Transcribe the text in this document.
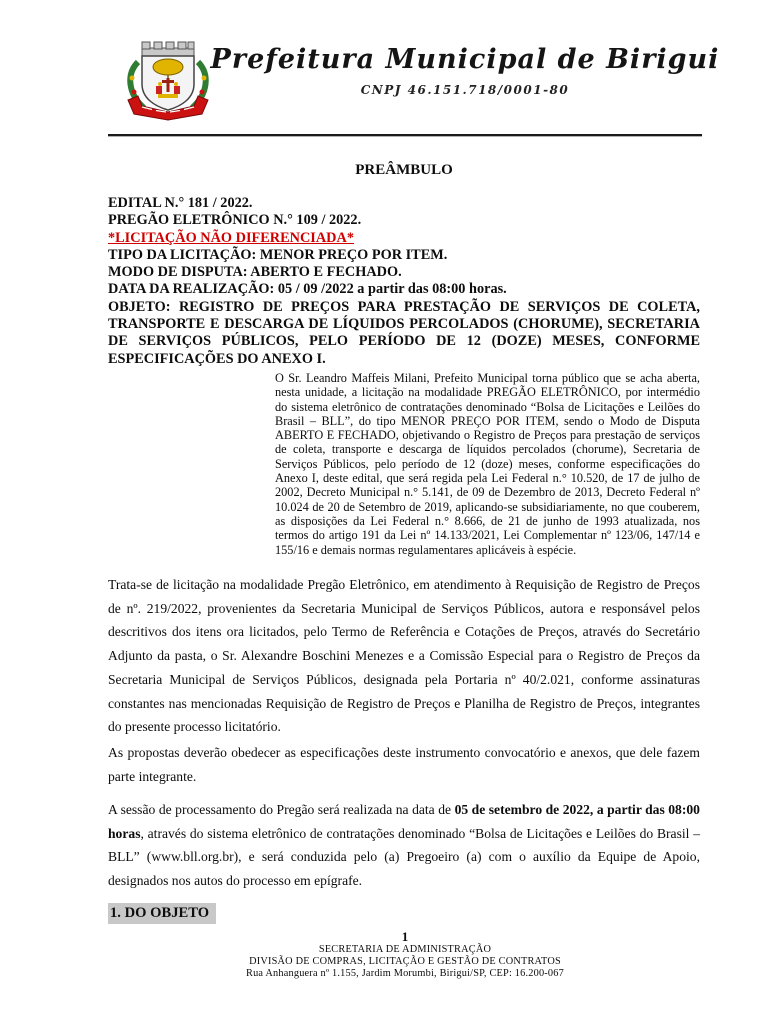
Prefeitura Municipal de Birigui
CNPJ 46.151.718/0001-80
PREÂMBULO

EDITAL N.° 181 / 2022.

PREGÃO ELETRÔNICO N.° 109 / 2022.

*LICITAÇÃO NÃO DIFERENCIADA*

TIPO DA LICITAÇÃO: MENOR PREÇO POR ITEM.

MODO DE DISPUTA: ABERTO E FECHADO.

DATA DA REALIZAÇÃO: 05 / 09 /2022 a partir das 08:00 horas.

OBJETO: REGISTRO DE PREÇOS PARA PRESTAÇÃO DE SERVIÇOS DE COLETA, TRANSPORTE E DESCARGA DE LÍQUIDOS PERCOLADOS (CHORUME), SECRETARIA DE SERVIÇOS PÚBLICOS, PELO PERÍODO DE 12 (DOZE) MESES, CONFORME ESPECIFICAÇÕES DO ANEXO I.

O Sr. Leandro Maffeis Milani, Prefeito Municipal torna público que se acha aberta, nesta unidade, a licitação na modalidade PREGÃO ELETRÔNICO, por intermédio do sistema eletrônico de contratações denominado “Bolsa de Licitações e Leilões do Brasil – BLL”, do tipo MENOR PREÇO POR ITEM, sendo o Modo de Disputa ABERTO E FECHADO, objetivando o Registro de Preços para prestação de serviços de coleta, transporte e descarga de líquidos percolados (chorume), Secretaria de Serviços Públicos, pelo período de 12 (doze) meses, conforme especificações do Anexo I, deste edital, que será regida pela Lei Federal n.° 10.520, de 17 de julho de 2002, Decreto Municipal n.° 5.141, de 09 de Dezembro de 2013, Decreto Federal nº 10.024 de 20 de Setembro de 2019, aplicando-se subsidiariamente, no que couberem, as disposições da Lei Federal n.° 8.666, de 21 de junho de 1993 atualizada, nos termos do artigo 191 da Lei nº 14.133/2021, Lei Complementar nº 123/06, 147/14 e 155/16 e demais normas regulamentares aplicáveis à espécie.

Trata-se de licitação na modalidade Pregão Eletrônico, em atendimento à Requisição de Registro de Preços de nº. 219/2022, provenientes da Secretaria Municipal de Serviços Públicos, autora e responsável pelos descritivos dos itens ora licitados, pelo Termo de Referência e Cotações de Preços, através do Secretário Adjunto da pasta, o Sr. Alexandre Boschini Menezes e a Comissão Especial para o Registro de Preços da Secretaria Municipal de Serviços Públicos, designada pela Portaria nº 40/2.021, conforme assinaturas constantes nas mencionadas Requisição de Registro de Preços e Planilha de Registro de Preços, integrantes do presente processo licitatório.

As propostas deverão obedecer as especificações deste instrumento convocatório e anexos, que dele fazem parte integrante.

A sessão de processamento do Pregão será realizada na data de 05 de setembro de 2022, a partir das 08:00 horas, através do sistema eletrônico de contratações denominado “Bolsa de Licitações e Leilões do Brasil – BLL” (www.bll.org.br), e será conduzida pelo (a) Pregoeiro (a) com o auxílio da Equipe de Apoio, designados nos autos do processo em epígrafe.

1. DO OBJETO
1
SECRETARIA DE ADMINISTRAÇÃO
DIVISÃO DE COMPRAS, LICITAÇÃO E GESTÃO DE CONTRATOS
Rua Anhanguera nº 1.155, Jardim Morumbi, Birigui/SP, CEP: 16.200-067
